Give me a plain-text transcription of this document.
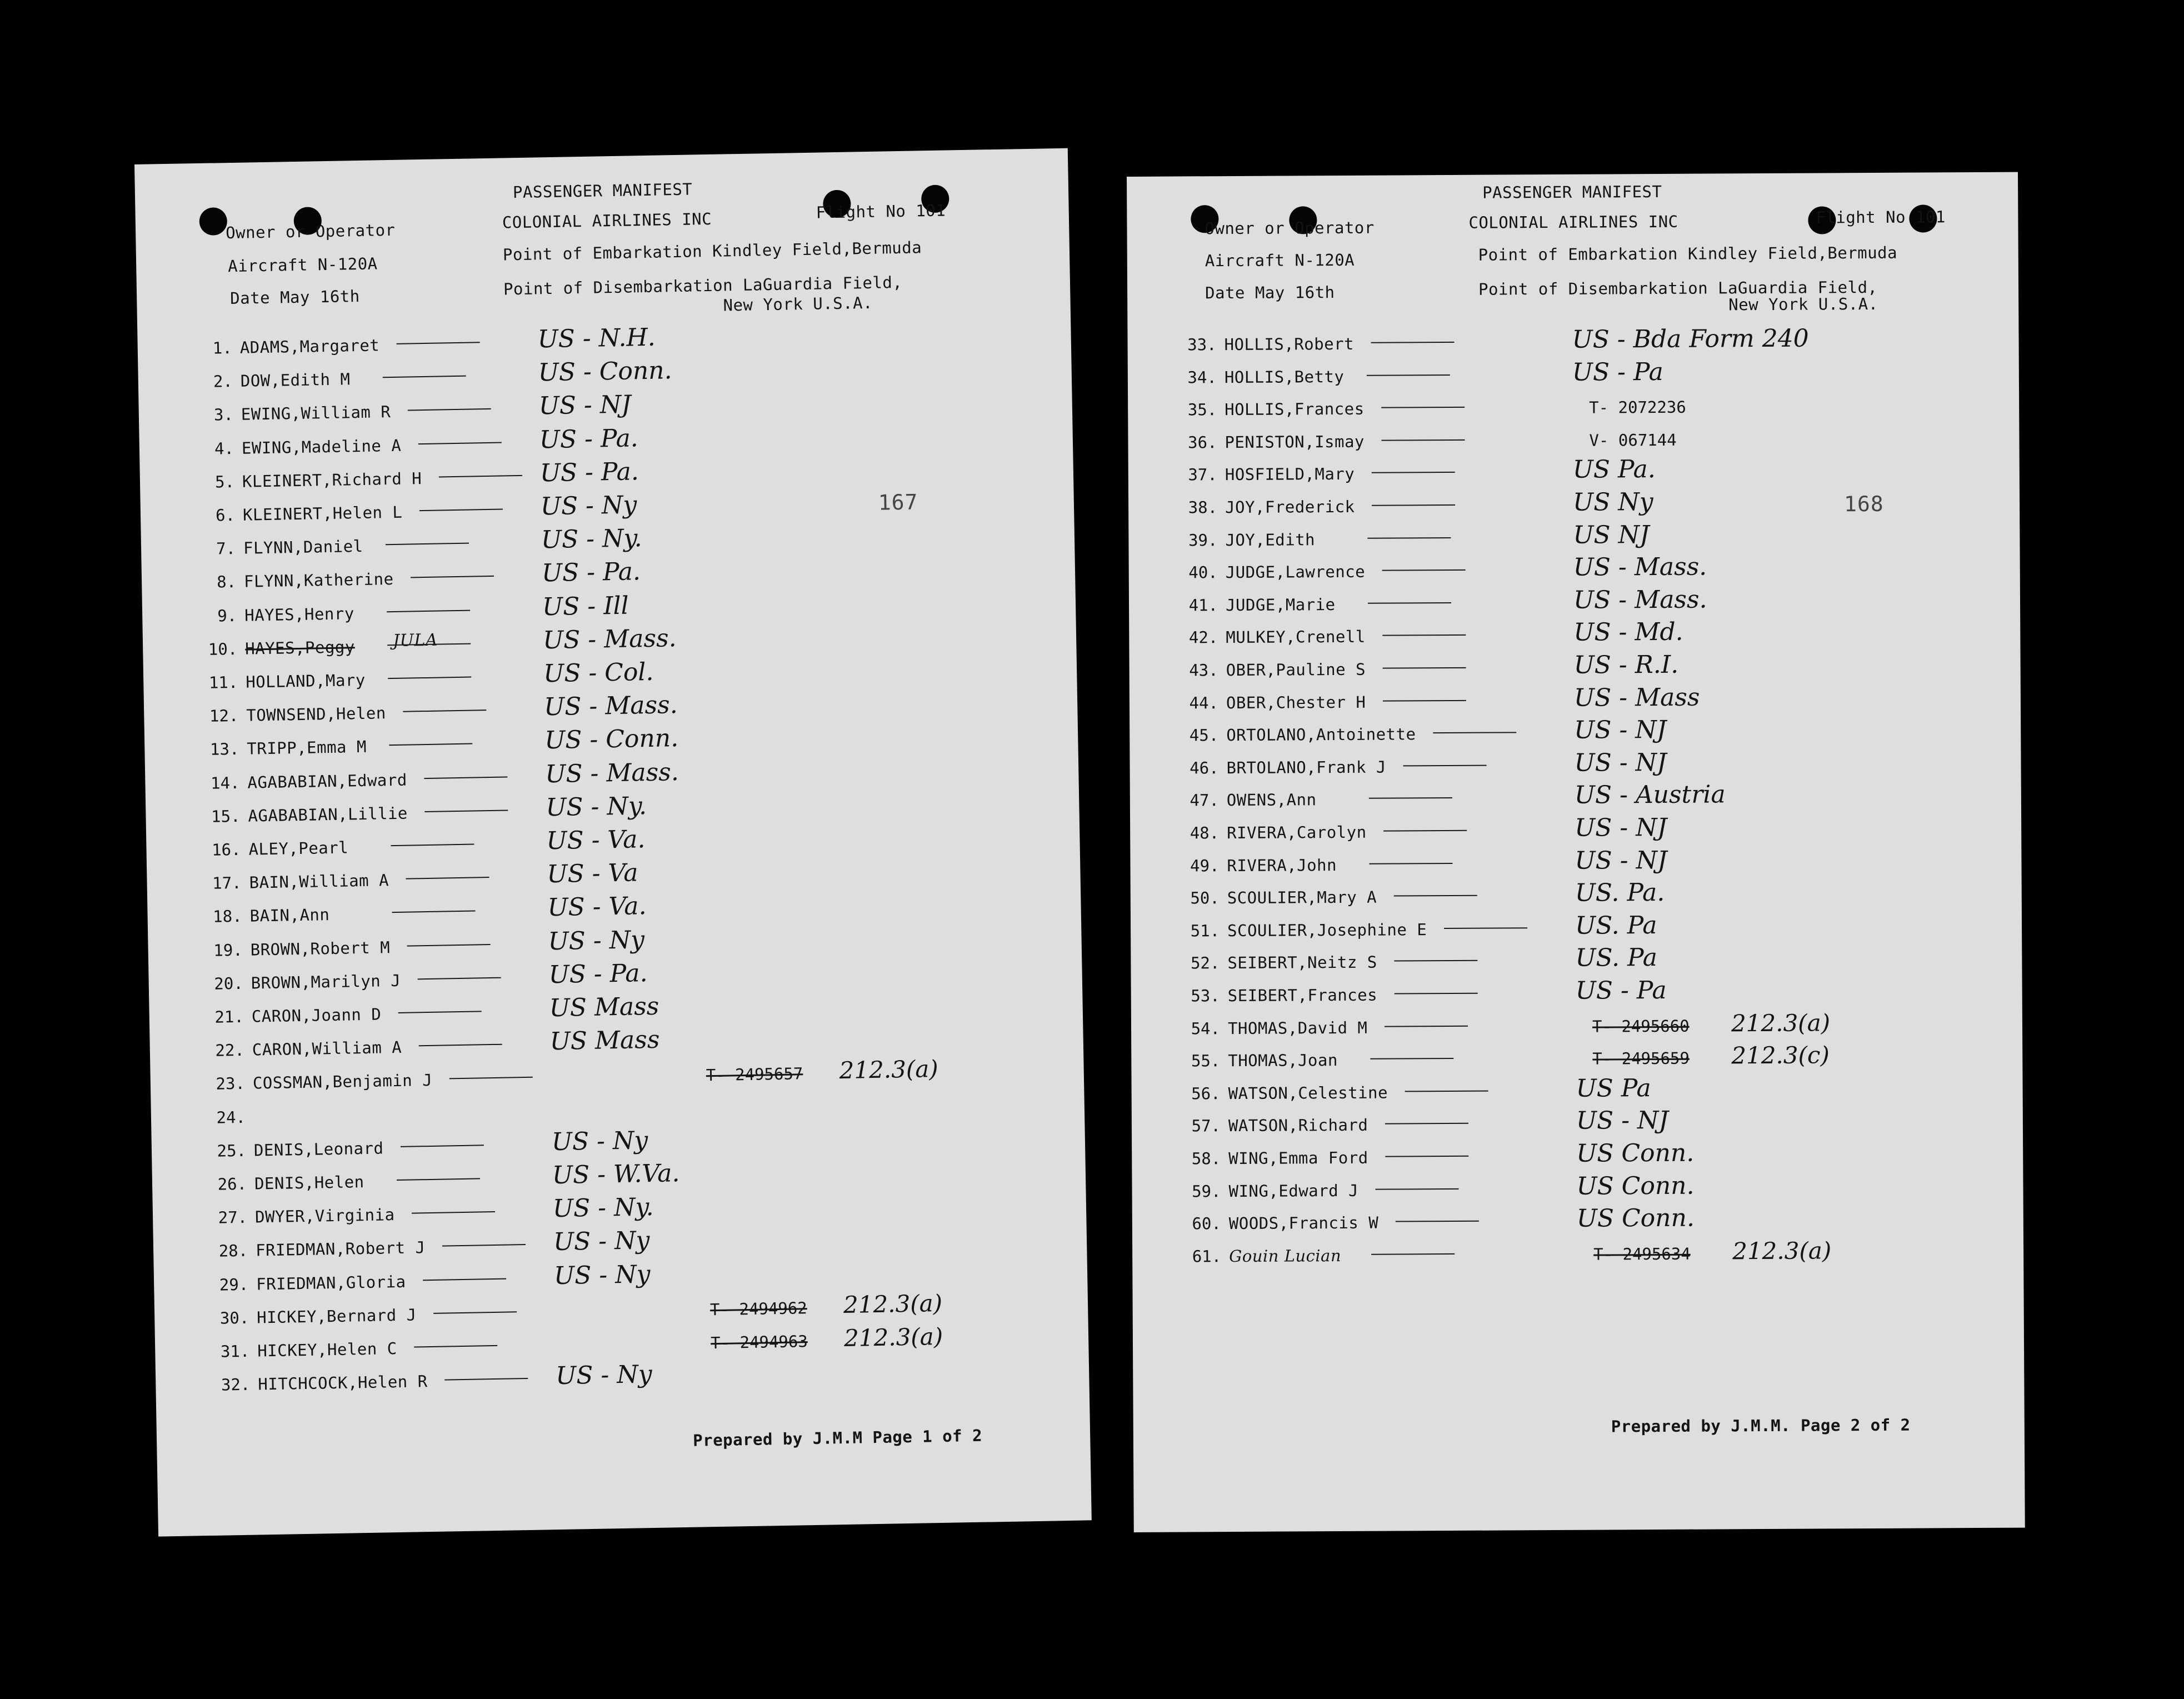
PASSENGER MANIFEST
Owner or Operator	COLONIAL AIRLINES INC	Flight No 101
Aircraft N-120A
Point of Embarkation Kindley Field,Bermuda
Date May 16th	Point of Disembarkation LaGuardia Field,
New York U.S.A.
167
1. ADAMS,Margaret	US - N.H.
2. DOW,Edith M	US - Conn.
3. EWING,William R	US - NJ
4. EWING,Madeline A	US - Pa.
5. KLEINERT,Richard H	US - Pa.
6. KLEINERT,Helen L	US - Ny
7. FLYNN,Daniel	US - Ny.
8. FLYNN,Katherine	US - Pa.
9. HAYES,Henry	US - Ill
10. HAYES,Peggy JULA	US - Mass.
11. HOLLAND,Mary	US - Col.
12. TOWNSEND,Helen	US - Mass.
13. TRIPP,Emma M	US - Conn.
14. AGABABIAN,Edward	US - Mass.
15. AGABABIAN,Lillie	US - Ny.
16. ALEY,Pearl	US - Va.
17. BAIN,William A	US - Va
18. BAIN,Ann	US - Va.
19. BROWN,Robert M	US - Ny
20. BROWN,Marilyn J	US - Pa.
21. CARON,Joann D	US Mass
22. CARON,William A	US Mass
23. COSSMAN,Benjamin J	T- 2495657 212.3(a)
24.
25. DENIS,Leonard	US - Ny
26. DENIS,Helen	US - W.Va.
27. DWYER,Virginia	US - Ny.
28. FRIEDMAN,Robert J	US - Ny
29. FRIEDMAN,Gloria	US - Ny
30. HICKEY,Bernard J	T- 2494962 212.3(a)
31. HICKEY,Helen C	T- 2494963 212.3(a)
32. HITCHCOCK,Helen R	US - Ny
Prepared by J.M.M Page 1 of 2
PASSENGER MANIFEST
Owner or Operator	COLONIAL AIRLINES INC	Flight No 101
Aircraft N-120A	Point of Embarkation Kindley Field,Bermuda
Date May 16th	Point of Disembarkation LaGuardia Field,
New York U.S.A.
168
33. HOLLIS,Robert	US - Bda Form 240
34. HOLLIS,Betty	US - Pa
35. HOLLIS,Frances	T- 2072236
36. PENISTON,Ismay	V- 067144
37. HOSFIELD,Mary	US Pa.
38. JOY,Frederick	US Ny
39. JOY,Edith	US NJ
40. JUDGE,Lawrence	US - Mass.
41. JUDGE,Marie	US - Mass.
42. MULKEY,Crenell	US - Md.
43. OBER,Pauline S	US - R.I.
44. OBER,Chester H	US - Mass
45. ORTOLANO,Antoinette	US - NJ
46. BRTOLANO,Frank J	US - NJ
47. OWENS,Ann	US - Austria
48. RIVERA,Carolyn	US - NJ
49. RIVERA,John	US - NJ
50. SCOULIER,Mary A	US. Pa.
51. SCOULIER,Josephine E	US. Pa
52. SEIBERT,Neitz S	US. Pa
53. SEIBERT,Frances	US - Pa
54. THOMAS,David M	T- 2495660 212.3(a)
55. THOMAS,Joan	T- 2495659 212.3(c)
56. WATSON,Celestine	US Pa
57. WATSON,Richard	US - NJ
58. WING,Emma Ford	US Conn.
59. WING,Edward J	US Conn.
60. WOODS,Francis W	US Conn.
61. Gouin Lucian	T- 2495634 212.3(a)
Prepared by J.M.M. Page 2 of 2
